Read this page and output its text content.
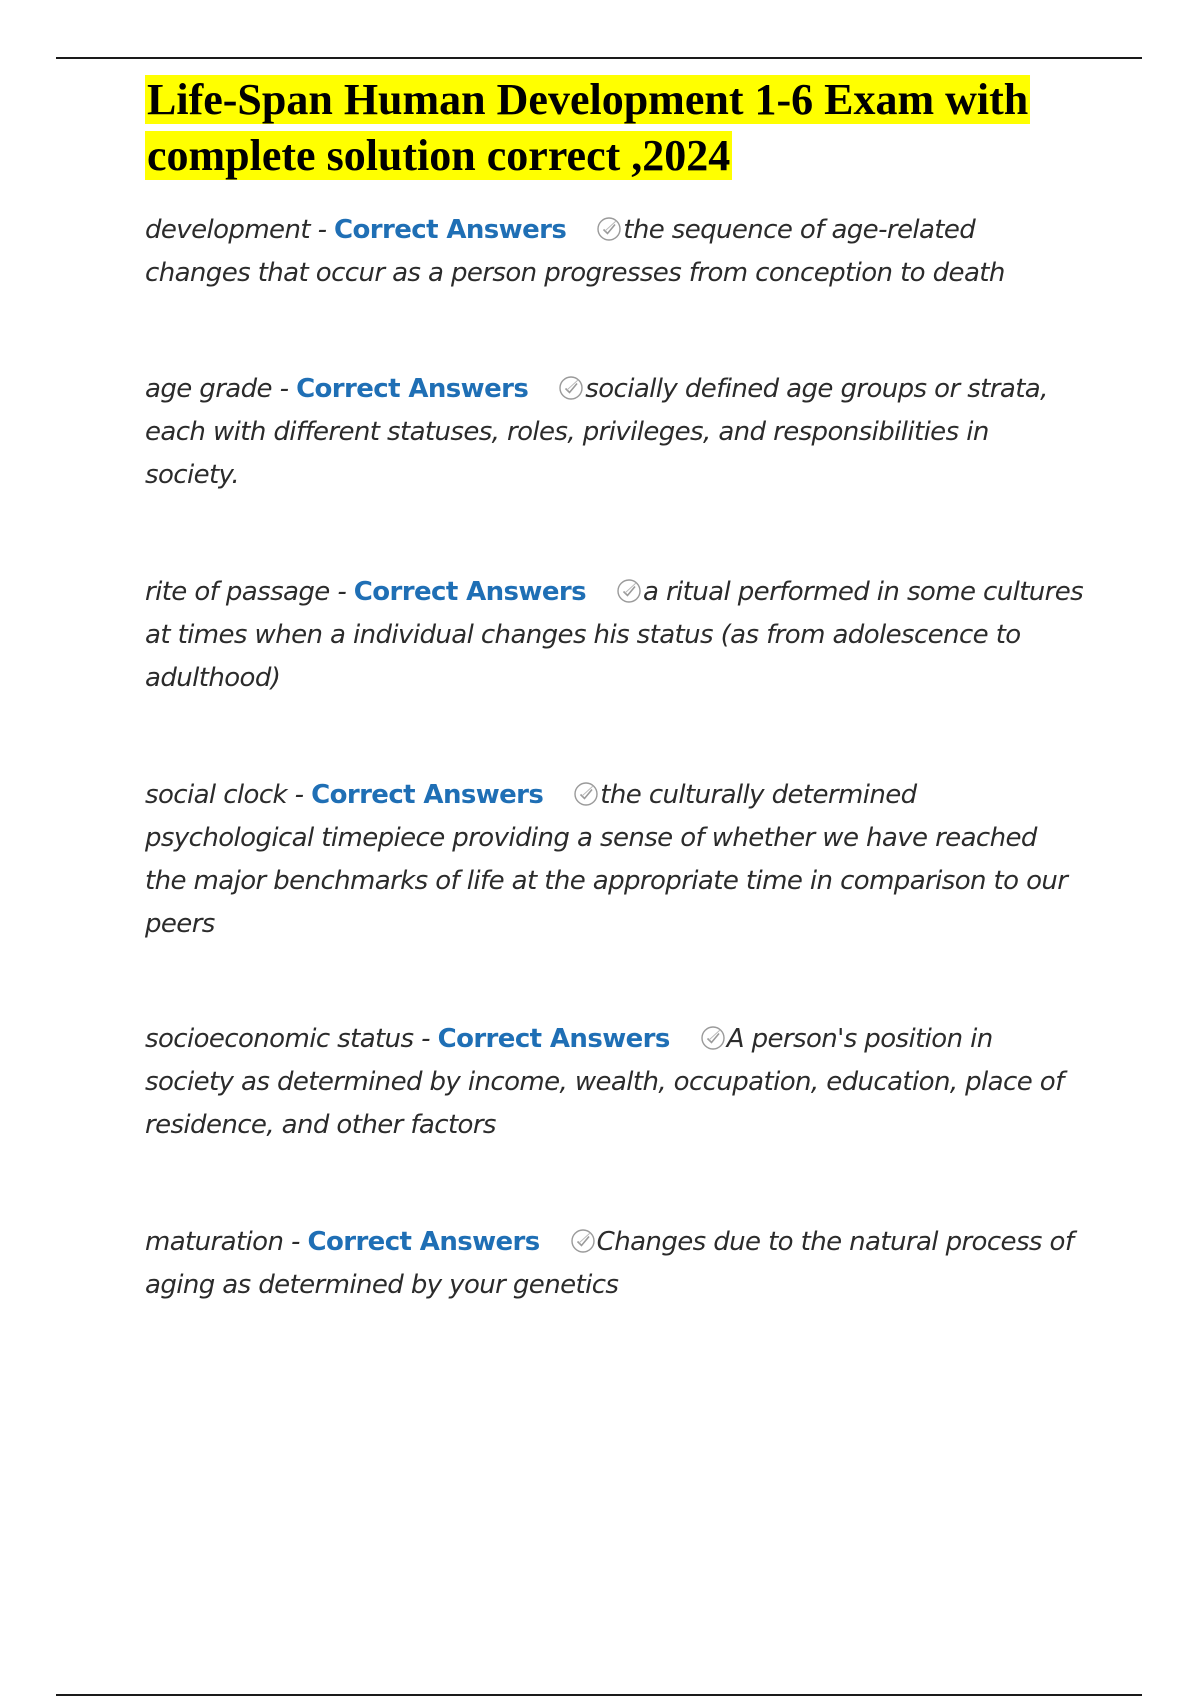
Life-Span Human Development 1-6 Exam with complete solution correct ,2024

development - Correct Answers the sequence of age-related changes that occur as a person progresses from conception to death

age grade - Correct Answers socially defined age groups or strata, each with different statuses, roles, privileges, and responsibilities in society.

rite of passage - Correct Answers a ritual performed in some cultures at times when a individual changes his status (as from adolescence to adulthood)

social clock - Correct Answers the culturally determined psychological timepiece providing a sense of whether we have reached the major benchmarks of life at the appropriate time in comparison to our peers

socioeconomic status - Correct Answers A person's position in society as determined by income, wealth, occupation, education, place of residence, and other factors

maturation - Correct Answers Changes due to the natural process of aging as determined by your genetics
